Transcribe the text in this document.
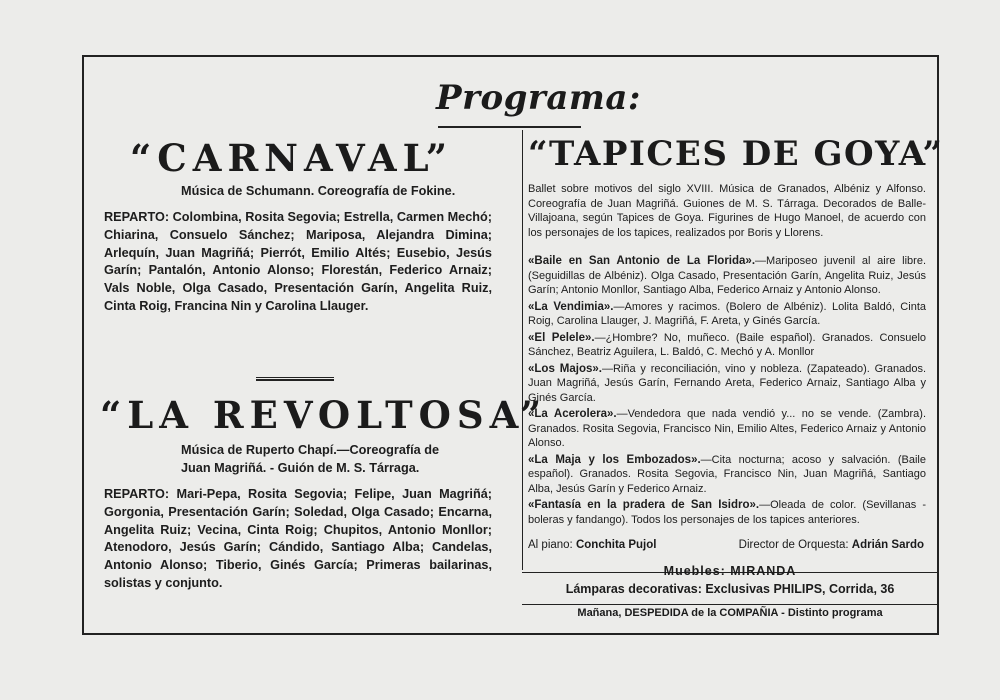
Programa:
“CARNAVAL”

Música de Schumann. Coreografía de Fokine.

REPARTO: Colombina, Rosita Segovia; Estrella, Carmen Mechó; Chiarina, Consuelo Sánchez; Mariposa, Alejandra Dimina; Arlequín, Juan Magriñá; Pierrót, Emilio Altés; Eusebio, Jesús Garín; Pantalón, Antonio Alonso; Florestán, Federico Arnaiz; Vals Noble, Olga Casado, Presentación Garín, Angelita Ruiz, Cinta Roig, Francina Nin y Carolina Llauger.

“LA REVOLTOSA”

Música de Ruperto Chapí.—Coreografía de

Juan Magriñá. - Guión de M. S. Tárraga.

REPARTO: Mari-Pepa, Rosita Segovia; Felipe, Juan Magriñá; Gorgonia, Presentación Garín; Soledad, Olga Casado; Encarna, Angelita Ruiz; Vecina, Cinta Roig; Chupitos, Antonio Monllor; Atenodoro, Jesús Garín; Cándido, Santiago Alba; Candelas, Antonio Alonso; Tiberio, Ginés García; Primeras bailarinas, solistas y conjunto.

“TAPICES DE GOYA”

Ballet sobre motivos del siglo XVIII. Música de Granados, Albéniz y Alfonso. Coreografía de Juan Magriñá. Guiones de M. S. Tárraga. Decorados de Balle-Villajoana, según Tapices de Goya. Figurines de Hugo Manoel, de acuerdo con los personajes de los tapices, realizados por Boris y Llorens.

«Baile en San Antonio de La Florida».—Mariposeo juvenil al aire libre. (Seguidillas de Albéniz). Olga Casado, Presentación Garín, Angelita Ruiz, Jesús Garín; Antonio Monllor, Santiago Alba, Federico Arnaiz y Antonio Alonso.
«La Vendimia».—Amores y racimos. (Bolero de Albéniz). Lolita Baldó, Cinta Roig, Carolina Llauger, J. Magriñá, F. Areta, y Ginés García.
«El Pelele».—¿Hombre? No, muñeco. (Baile español). Granados. Consuelo Sánchez, Beatriz Aguilera, L. Baldó, C. Mechó y A. Monllor
«Los Majos».—Riña y reconciliación, vino y nobleza. (Zapateado). Granados. Juan Magriñá, Jesús Garín, Fernando Areta, Federico Arnaiz, Santiago Alba y Ginés García.
«La Acerolera».—Vendedora que nada vendió y... no se vende. (Zambra). Granados. Rosita Segovia, Francisco Nin, Emilio Altes, Federico Arnaiz y Antonio Alonso.
«La Maja y los Embozados».—Cita nocturna; acoso y salvación. (Baile español). Granados. Rosita Segovia, Francisco Nin, Juan Magriñá, Santiago Alba, Jesús Garín y Federico Arnaiz.
«Fantasía en la pradera de San Isidro».—Oleada de color. (Sevillanas -boleras y fandango). Todos los personajes de los tapices anteriores.
Al piano: Conchita Pujol	Director de Orquesta: Adrián Sardo
Muebles: MIRANDA
Lámparas decorativas: Exclusivas PHILIPS, Corrida, 36
Mañana, DESPEDIDA de la COMPAÑIA - Distinto programa
